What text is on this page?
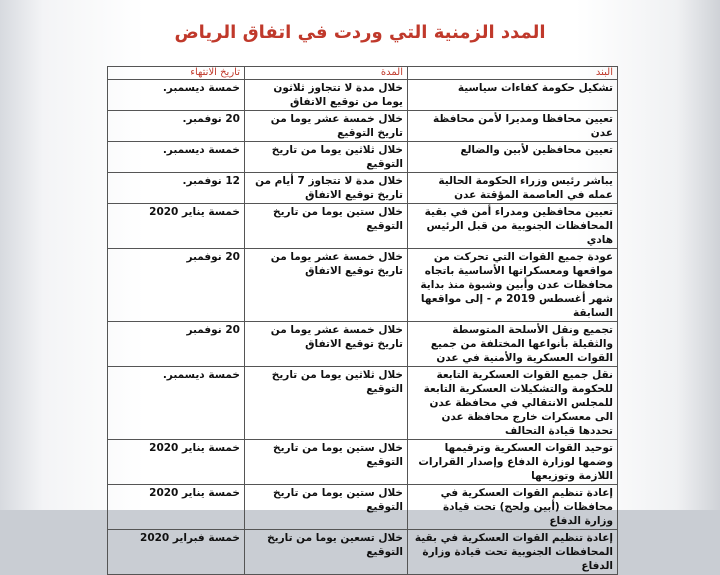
المدد الزمنية التي وردت في اتفاق الرياض
البند	المدة	تاريخ الانتهاء
تشكيل حكومة كفاءات سياسية	خلال مدة لا تتجاوز ثلاثون يوما من توقيع الاتفاق	خمسة ديسمبر.
تعيين محافظا ومديرا لأمن محافظة عدن	خلال خمسة عشر يوما من تاريخ التوقيع	20 نوفمبر.
تعيين محافظين لأبين والضالع	خلال ثلاثين يوما من تاريخ التوقيع	خمسة ديسمبر.
يباشر رئيس وزراء الحكومة الحالية عمله في العاصمة المؤقتة عدن	خلال مدة لا تتجاوز 7 أيام من تاريخ توقيع الاتفاق	12 نوفمبر.
تعيين محافظين ومدراء أمن في بقية المحافظات الجنوبية من قبل الرئيس هادي	خلال ستين يوما من تاريخ التوقيع	خمسة يناير 2020
عودة جميع القوات التي تحركت من مواقعها ومعسكراتها الأساسية باتجاه محافظات عدن وأبين وشبوة منذ بداية شهر أغسطس 2019 م - إلى مواقعها السابقة	خلال خمسة عشر يوما من تاريخ توقيع الاتفاق	20 نوفمبر
تجميع ونقل الأسلحة المتوسطة والثقيلة بأنواعها المختلفة من جميع القوات العسكرية والأمنية في عدن	خلال خمسة عشر يوما من تاريخ توقيع الاتفاق	20 نوفمبر
نقل جميع القوات العسكرية التابعة للحكومة والتشكيلات العسكرية التابعة للمجلس الانتقالي في محافظة عدن الى معسكرات خارج محافظة عدن تحددها قيادة التحالف	خلال ثلاثين يوما من تاريخ التوقيع	خمسة ديسمبر.
توحيد القوات العسكرية وترقيمها وضمها لوزارة الدفاع وإصدار القرارات اللازمة وتوزيعها	خلال ستين يوما من تاريخ التوقيع	خمسة يناير 2020
إعادة تنظيم القوات العسكرية في محافظات (أبين ولحج) تحت قيادة وزارة الدفاع	خلال ستين يوما من تاريخ التوقيع	خمسة يناير 2020
إعادة تنظيم القوات العسكرية في بقية المحافظات الجنوبية تحت قيادة وزارة الدفاع	خلال تسعين يوما من تاريخ التوقيع	خمسة فبراير 2020
